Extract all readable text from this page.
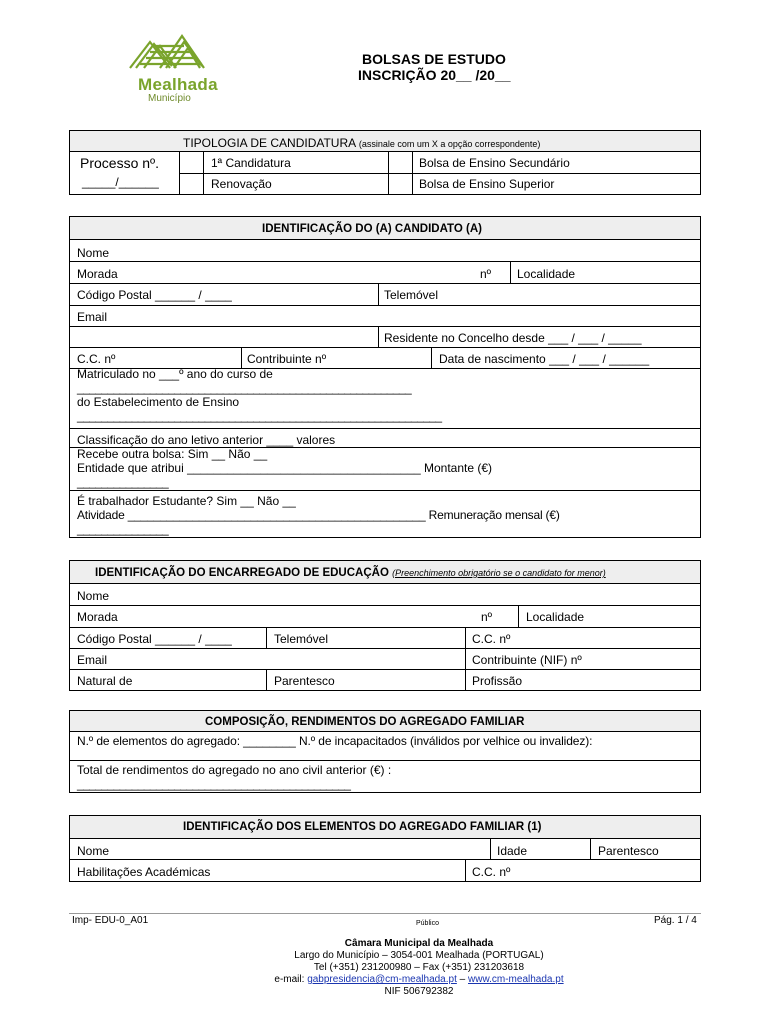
Mealhada
Município
BOLSAS DE ESTUDO
INSCRIÇÃO 20__ /20__
TIPOLOGIA DE CANDIDATURA (assinale com um X a opção correspondente)
Processo nº.
_____/______
1ª Candidatura	Bolsa de Ensino Secundário
Renovação	Bolsa de Ensino Superior
IDENTIFICAÇÃO DO (A) CANDIDATO (A)
Nome
Morada	nº Localidade
Código Postal ______ / ____	Telemóvel
Email
Residente no Concelho desde ___ / ___ / _____
C.C. nº	Contribuinte nº	Data de nascimento ___ / ___ / ______
Matriculado no ___º ano do curso de
_______________________________________________________
do Estabelecimento de Ensino
____________________________________________________________
Classificação do ano letivo anterior ____ valores
Recebe outra bolsa: Sim __ Não __
Entidade que atribui ___________________________________ Montante (€)
_______________
É trabalhador Estudante? Sim __ Não __
Atividade ______________________________________________ Remuneração mensal (€)
_______________
IDENTIFICAÇÃO DO ENCARREGADO DE EDUCAÇÃO (Preenchimento obrigatório se o candidato for menor)
Nome
Morada	nº	Localidade
Código Postal ______ / ____	Telemóvel	C.C. nº
Email	Contribuinte (NIF) nº
Natural de	Parentesco	Profissão
COMPOSIÇÃO, RENDIMENTOS DO AGREGADO FAMILIAR
N.º de elementos do agregado: ________ N.º de incapacitados (inválidos por velhice ou invalidez):
Total de rendimentos do agregado no ano civil anterior (€) :
_____________________________________________
IDENTIFICAÇÃO DOS ELEMENTOS DO AGREGADO FAMILIAR (1)
Nome	Idade	Parentesco
Habilitações Académicas	C.C. nº
Imp- EDU-0_A01	Público	Pág. 1 / 4
Câmara Municipal da Mealhada
Largo do Município – 3054-001 Mealhada (PORTUGAL)
Tel (+351) 231200980 – Fax (+351) 231203618
e-mail: gabpresidencia@cm-mealhada.pt – www.cm-mealhada.pt
NIF 506792382
